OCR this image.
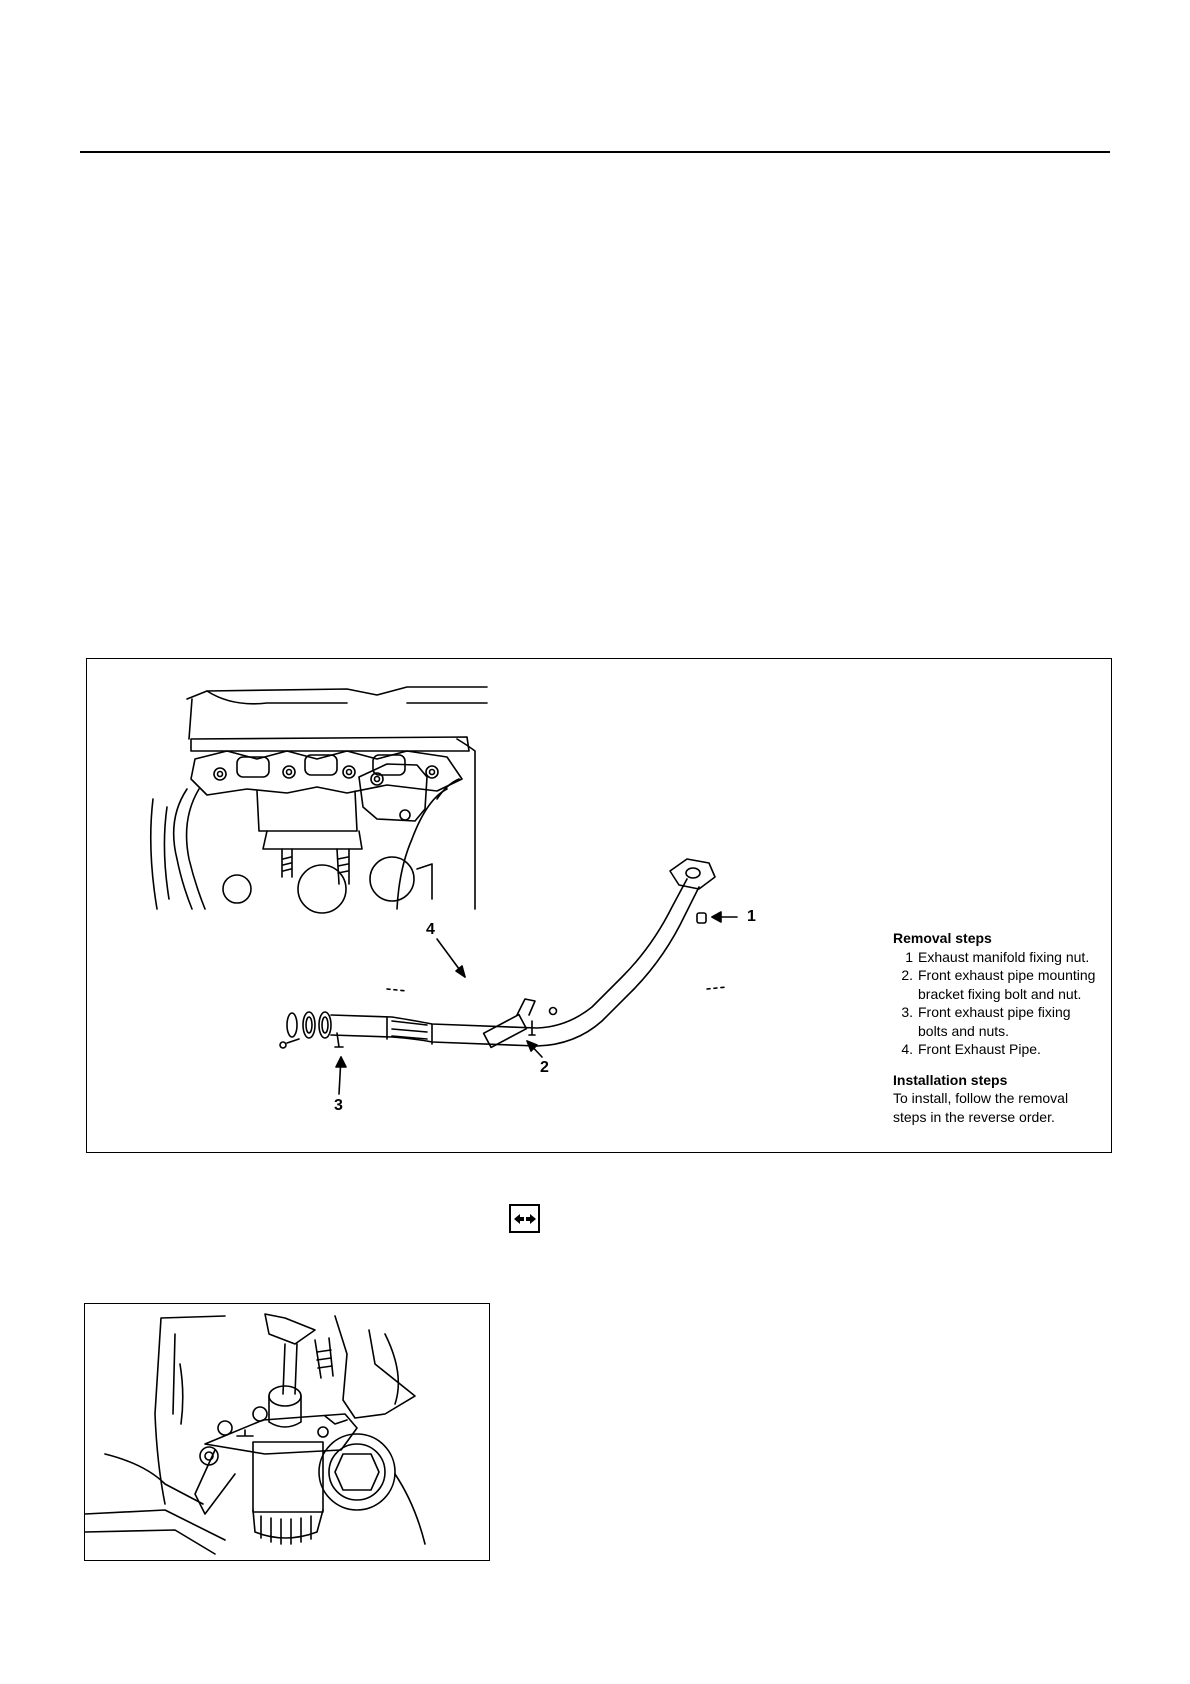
1
2
3
4	Removal steps
1 Exhaust manifold fixing nut.
2. Front exhaust pipe mounting
bracket fixing bolt and nut.
3. Front exhaust pipe fixing
bolts and nuts.
4. Front Exhaust Pipe.
Installation steps
To install, follow the removal
steps in the reverse order.
